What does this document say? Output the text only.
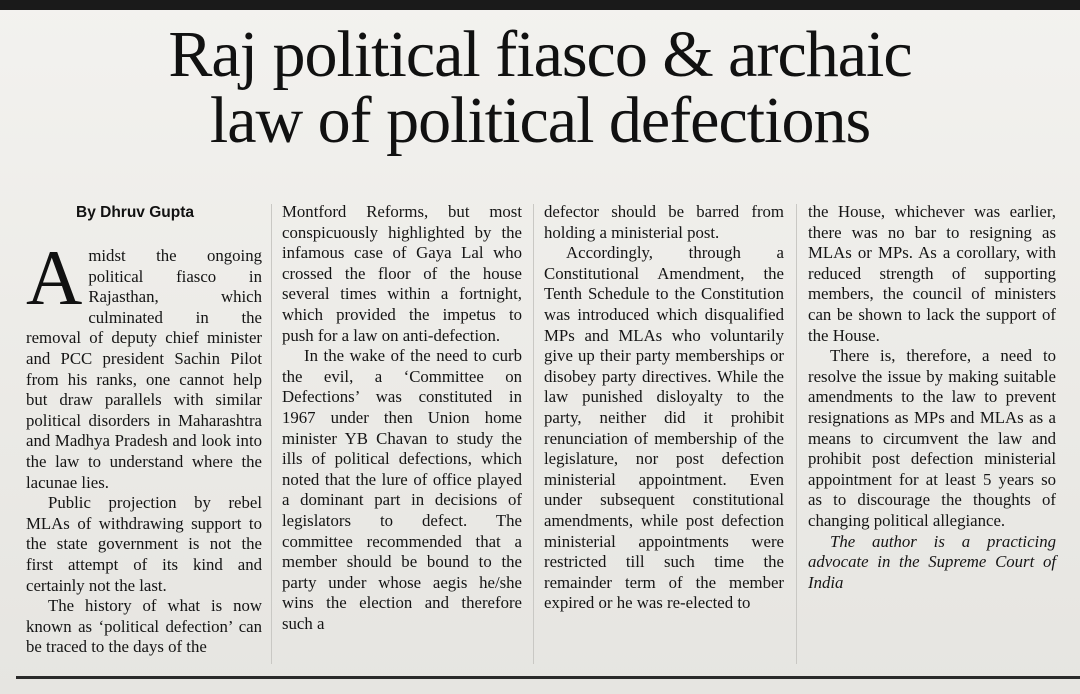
Raj political fiasco & archaic
law of political defections
By Dhruv Gupta
A midst the ongoing political fiasco in Rajasthan, which culminated in the removal of deputy chief minister and PCC president Sachin Pilot from his ranks, one cannot help but draw parallels with similar political disorders in Maharashtra and Madhya Pradesh and look into the law to understand where the lacunae lies.

Public projection by rebel MLAs of withdrawing support to the state government is not the first attempt of its kind and certainly not the last.

The history of what is now known as ‘political defection’ can be traced to the days of the

Montford Reforms, but most conspicuously highlighted by the infamous case of Gaya Lal who crossed the floor of the house several times within a fortnight, which provided the impetus to push for a law on anti-defection.

In the wake of the need to curb the evil, a ‘Committee on Defections’ was constituted in 1967 under then Union home minister YB Chavan to study the ills of political defections, which noted that the lure of office played a dominant part in decisions of legislators to defect. The committee recommended that a member should be bound to the party under whose aegis he/she wins the election and therefore such a

defector should be barred from holding a ministerial post.

Accordingly, through a Constitutional Amendment, the Tenth Schedule to the Constitution was introduced which disqualified MPs and MLAs who voluntarily give up their party memberships or disobey party directives. While the law punished disloyalty to the party, neither did it prohibit renunciation of membership of the legislature, nor post defection ministerial appointment. Even under subsequent constitutional amendments, while post defection ministerial appointments were restricted till such time the remainder term of the member expired or he was re-elected to

the House, whichever was earlier, there was no bar to resigning as MLAs or MPs. As a corollary, with reduced strength of supporting members, the council of ministers can be shown to lack the support of the House.

There is, therefore, a need to resolve the issue by making suitable amendments to the law to prevent resignations as MPs and MLAs as a means to circumvent the law and prohibit post defection ministerial appointment for at least 5 years so as to discourage the thoughts of changing political allegiance.

The author is a practicing advocate in the Supreme Court of India
